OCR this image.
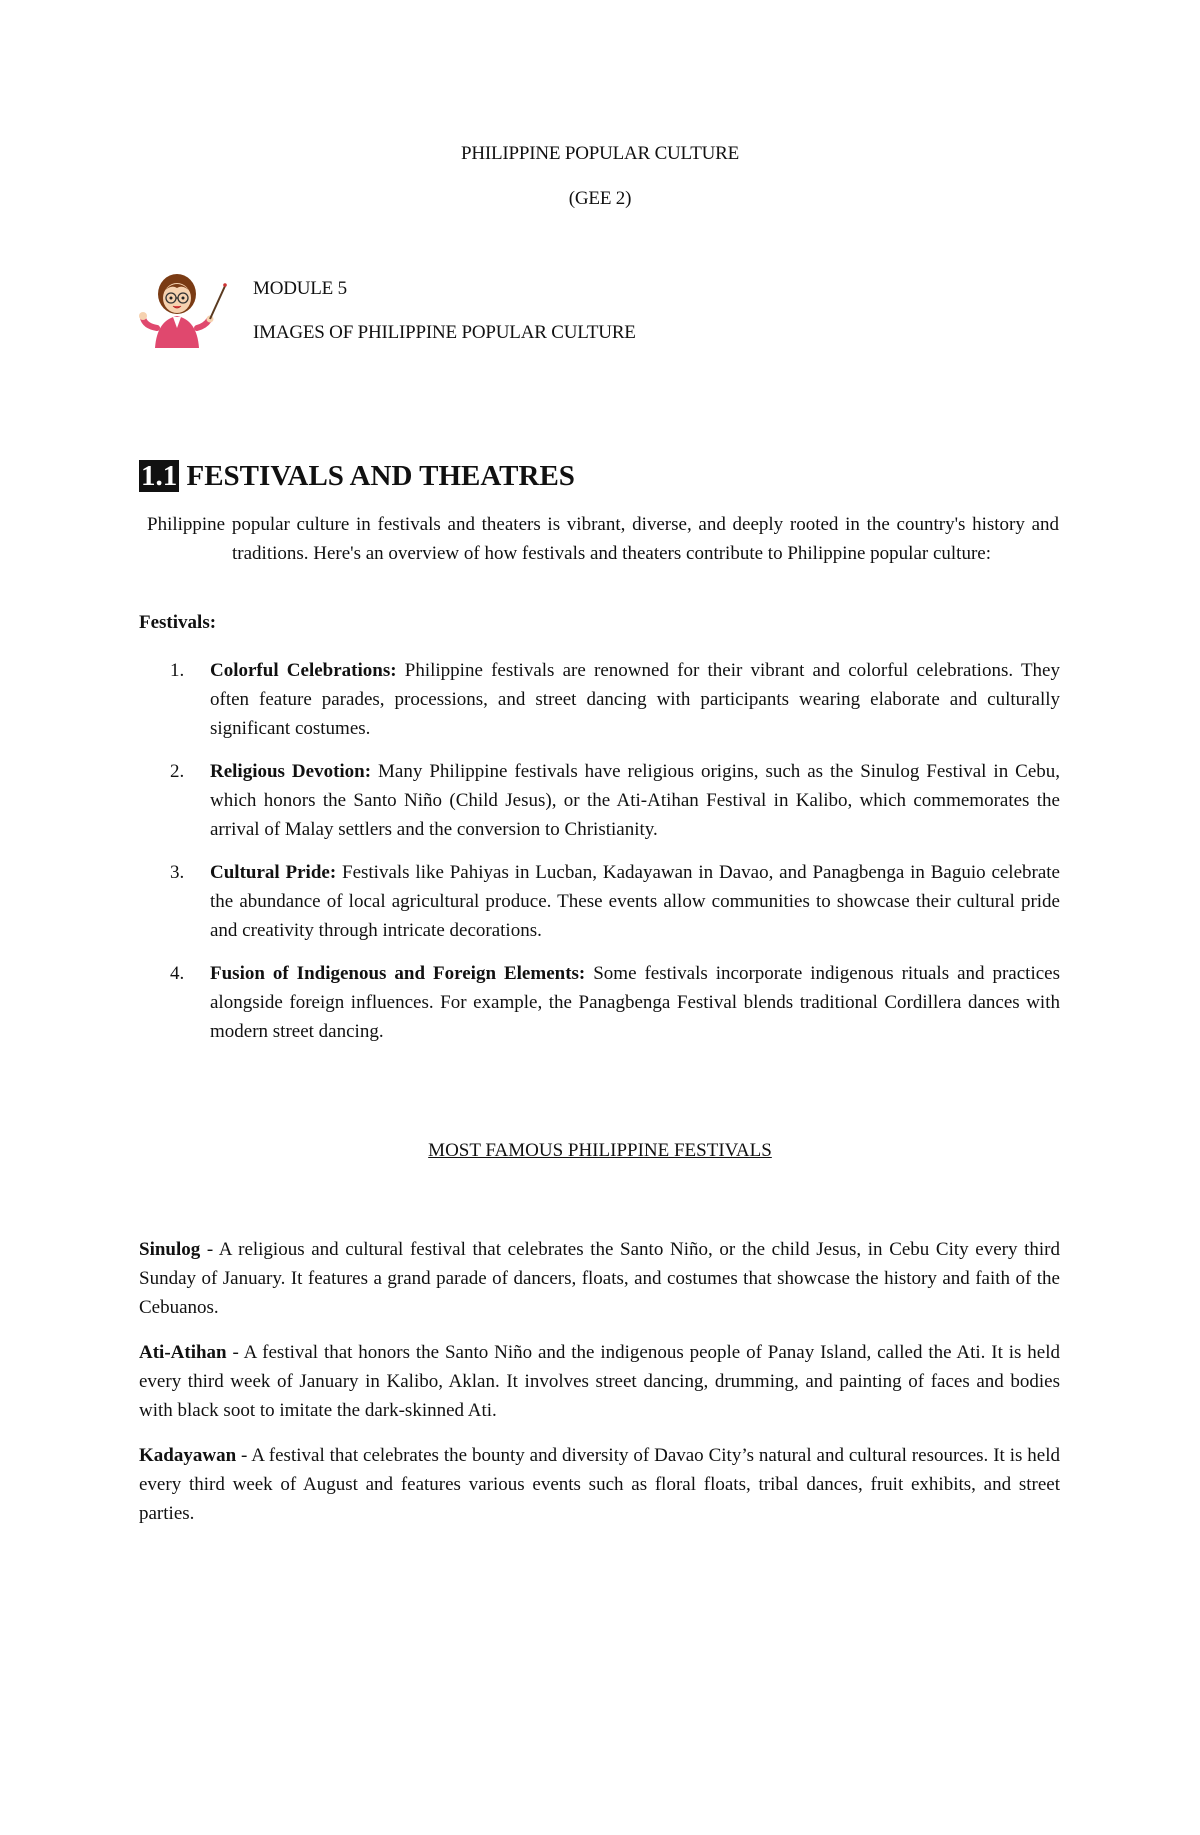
PHILIPPINE POPULAR CULTURE
(GEE 2)
MODULE 5
IMAGES OF PHILIPPINE POPULAR CULTURE
1.1 FESTIVALS AND THEATRES
Philippine popular culture in festivals and theaters is vibrant, diverse, and deeply rooted in the country's history and traditions. Here's an overview of how festivals and theaters contribute to Philippine popular culture:
Festivals:
1. Colorful Celebrations: Philippine festivals are renowned for their vibrant and colorful celebrations. They often feature parades, processions, and street dancing with participants wearing elaborate and culturally significant costumes.
2. Religious Devotion: Many Philippine festivals have religious origins, such as the Sinulog Festival in Cebu, which honors the Santo Niño (Child Jesus), or the Ati-Atihan Festival in Kalibo, which commemorates the arrival of Malay settlers and the conversion to Christianity.
3. Cultural Pride: Festivals like Pahiyas in Lucban, Kadayawan in Davao, and Panagbenga in Baguio celebrate the abundance of local agricultural produce. These events allow communities to showcase their cultural pride and creativity through intricate decorations.
4. Fusion of Indigenous and Foreign Elements: Some festivals incorporate indigenous rituals and practices alongside foreign influences. For example, the Panagbenga Festival blends traditional Cordillera dances with modern street dancing.
MOST FAMOUS PHILIPPINE FESTIVALS
Sinulog - A religious and cultural festival that celebrates the Santo Niño, or the child Jesus, in Cebu City every third Sunday of January. It features a grand parade of dancers, floats, and costumes that showcase the history and faith of the Cebuanos.
Ati-Atihan - A festival that honors the Santo Niño and the indigenous people of Panay Island, called the Ati. It is held every third week of January in Kalibo, Aklan. It involves street dancing, drumming, and painting of faces and bodies with black soot to imitate the dark-skinned Ati.
Kadayawan - A festival that celebrates the bounty and diversity of Davao City’s natural and cultural resources. It is held every third week of August and features various events such as floral floats, tribal dances, fruit exhibits, and street parties.
